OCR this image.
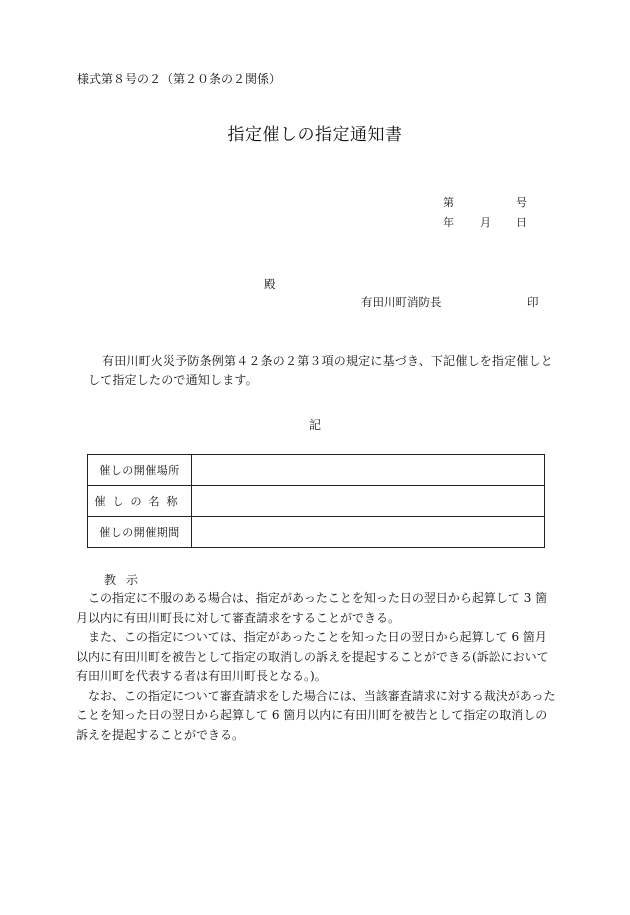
様式第８号の２（第２０条の２関係）
指定催しの指定通知書
第	号
年 月 日
殿
有田川町消防長	印
有田川町火災予防条例第４２条の２第３項の規定に基づき、下記催しを指定催しとして指定したので通知します。
記
催しの開催場所	
催しの名称	
催しの開催期間	
教示

この指定に不服のある場合は、指定があったことを知った日の翌日から起算して 3 箇月以内に有田川町長に対して審査請求をすることができる。

また、この指定については、指定があったことを知った日の翌日から起算して 6 箇月以内に有田川町を被告として指定の取消しの訴えを提起することができる(訴訟において有田川町を代表する者は有田川町長となる。)。

なお、この指定について審査請求をした場合には、当該審査請求に対する裁決があったことを知った日の翌日から起算して 6 箇月以内に有田川町を被告として指定の取消しの訴えを提起することができる。
